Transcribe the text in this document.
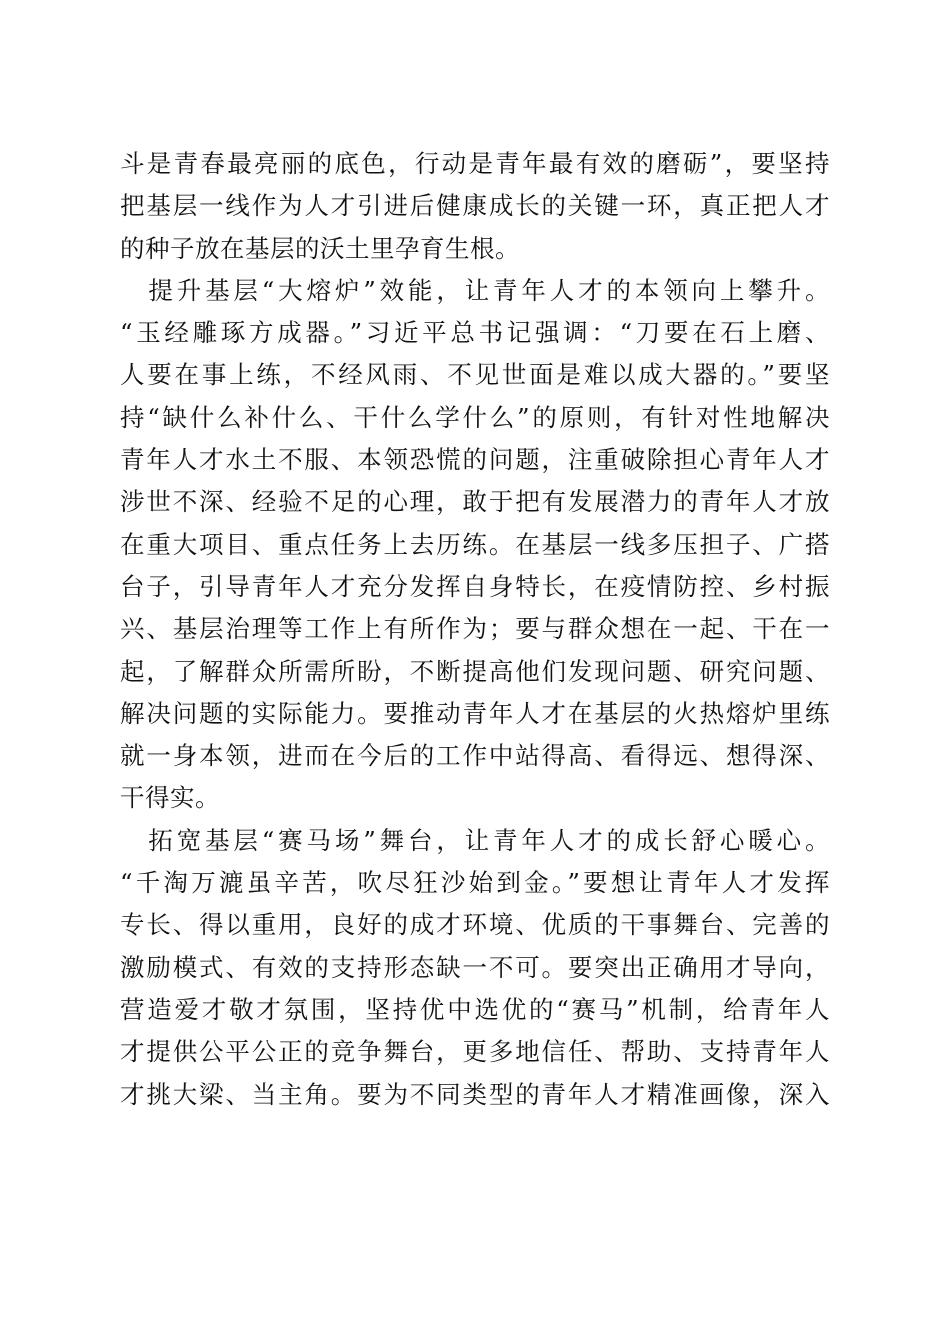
斗是青春最亮丽的底色，行动是青年最有效的磨砺”，要坚持
把基层一线作为人才引进后健康成长的关键一环，真正把人才
的种子放在基层的沃土里孕育生根。
　提升基层“大熔炉”效能，让青年人才的本领向上攀升。
“玉经雕琢方成器。”习近平总书记强调：“刀要在石上磨、
人要在事上练，不经风雨、不见世面是难以成大器的。”要坚
持“缺什么补什么、干什么学什么”的原则，有针对性地解决
青年人才水土不服、本领恐慌的问题，注重破除担心青年人才
涉世不深、经验不足的心理，敢于把有发展潜力的青年人才放
在重大项目、重点任务上去历练。在基层一线多压担子、广搭
台子，引导青年人才充分发挥自身特长，在疫情防控、乡村振
兴、基层治理等工作上有所作为；要与群众想在一起、干在一
起，了解群众所需所盼，不断提高他们发现问题、研究问题、
解决问题的实际能力。要推动青年人才在基层的火热熔炉里练
就一身本领，进而在今后的工作中站得高、看得远、想得深、
干得实。
　拓宽基层“赛马场”舞台，让青年人才的成长舒心暖心。
“千淘万漉虽辛苦，吹尽狂沙始到金。”要想让青年人才发挥
专长、得以重用，良好的成才环境、优质的干事舞台、完善的
激励模式、有效的支持形态缺一不可。要突出正确用才导向，
营造爱才敬才氛围，坚持优中选优的“赛马”机制，给青年人
才提供公平公正的竞争舞台，更多地信任、帮助、支持青年人
才挑大梁、当主角。要为不同类型的青年人才精准画像，深入
